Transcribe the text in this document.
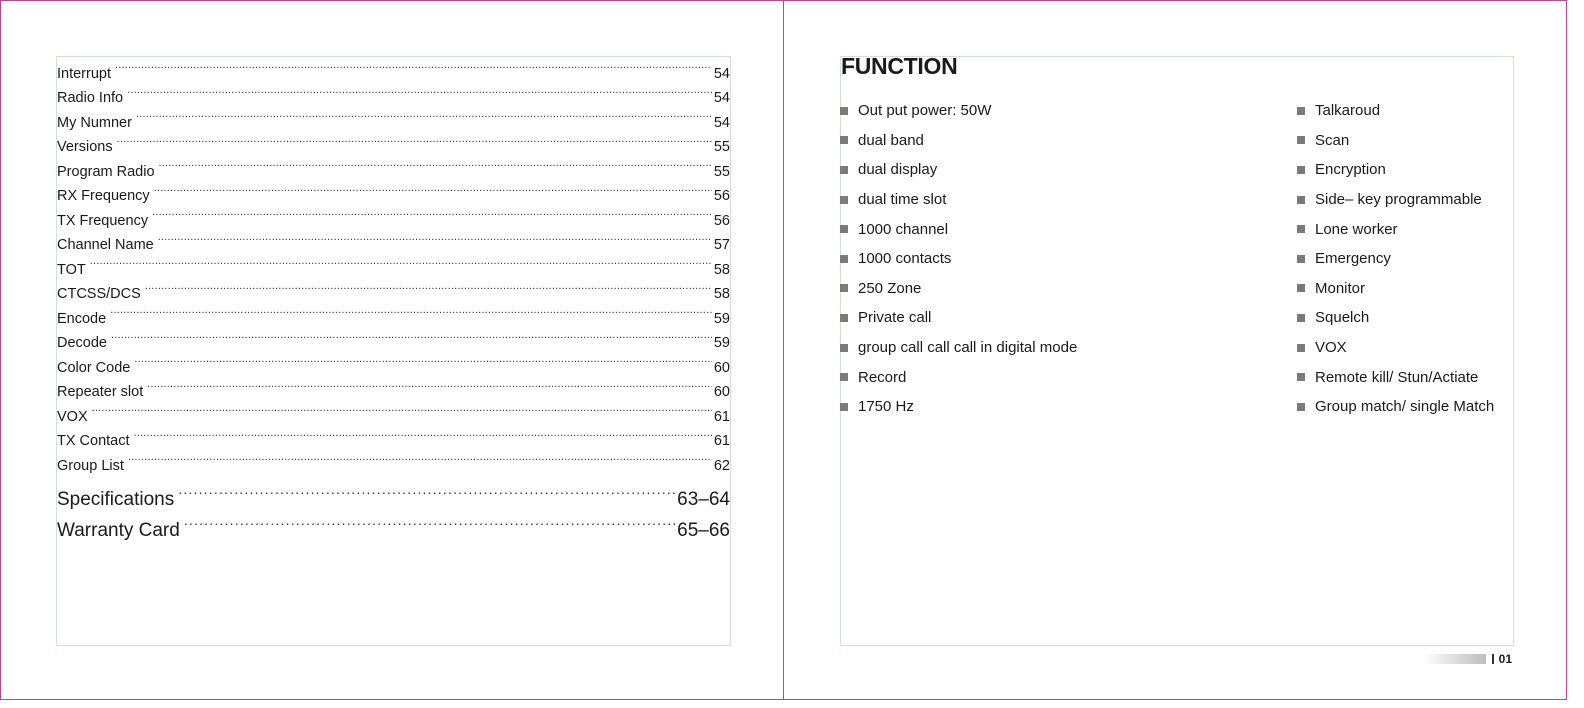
Interrupt .....	54
Radio Info .....	54
My Numner .....	54
Versions .....	55
Program Radio .....	55
RX Frequency .....	56
TX Frequency .....	56
Channel Name .....	57
TOT .....	58
CTCSS/DCS .....	58
Encode .....	59
Decode .....	59
Color Code .....	60
Repeater slot .....	60
VOX .....	61
TX Contact .....	61
Group List .....	62
Specifications .....	63–64
Warranty Card .....	65–66
FUNCTION
Out put power: 50W
dual band
dual display
dual time slot
1000 channel
1000 contacts
250 Zone
Private call
group call call call in digital mode
Record
1750 Hz
Talkaroud
Scan
Encryption
Side– key programmable
Lone worker
Emergency
Monitor
Squelch
VOX
Remote kill/ Stun/Actiate
Group match/ single Match
01
